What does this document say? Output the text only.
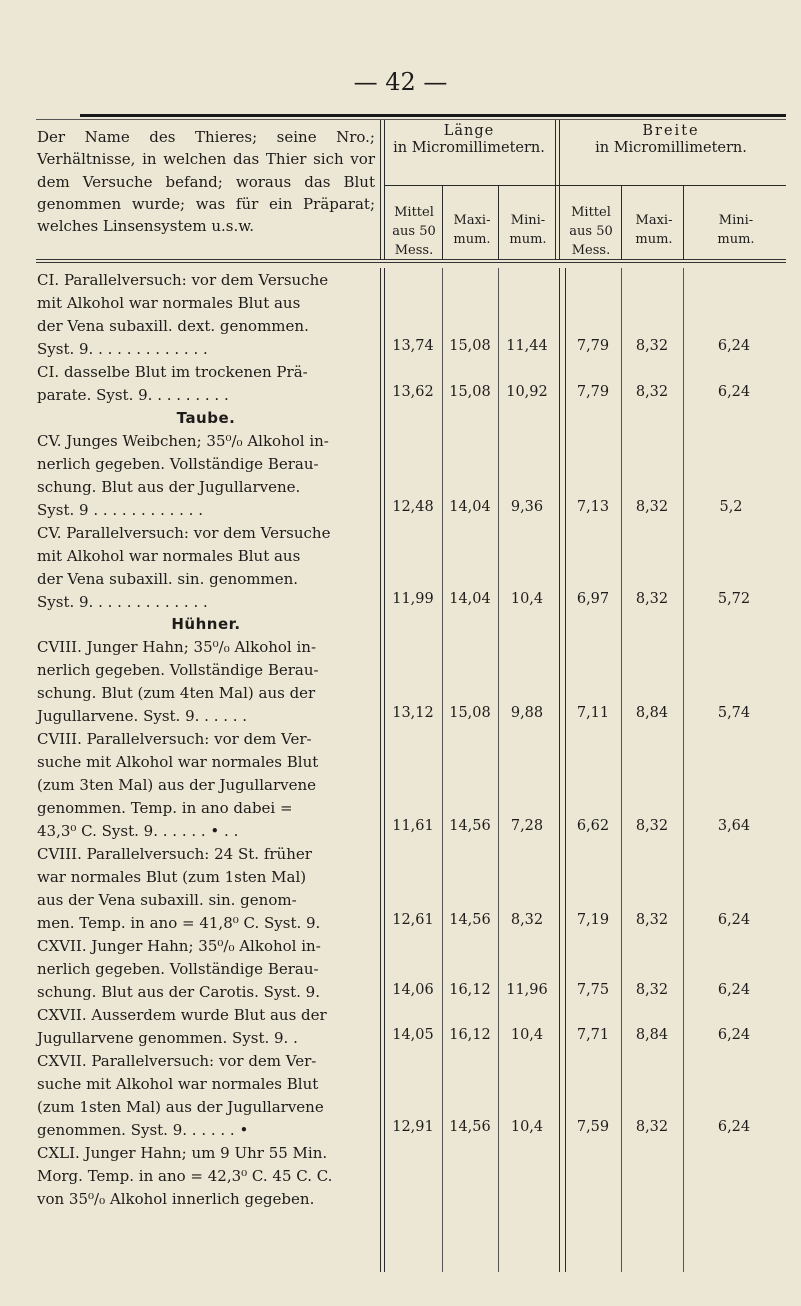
— 42 —
Der Name des Thieres; seine Nro.; Verhältnisse, in welchen das Thier sich vor dem Versuche befand; woraus das Blut genommen wurde; was für ein Präparat; welches Linsensystem u.s.w.
Länge
in Micromillimetern.
Breite
in Micromillimetern.
Mittel
aus 50
Mess.
Maxi-
mum.
Mini-
mum.
Mittel
aus 50
Mess.
Maxi-
mum.
Mini-
mum.
CI. Parallelversuch: vor dem Versuche
mit Alkohol war normales Blut aus
der Vena subaxill. dext. genommen.
Syst. 9. . . . . . . . . . . . .	13,74	15,08	11,44	7,79	8,32	6,24
CI. dasselbe Blut im trockenen Prä-
parate. Syst. 9. . . . . . . . .	13,62	15,08	10,92	7,79	8,32	6,24
Taube.
CV. Junges Weibchen; 35⁰/₀ Alkohol in-
nerlich gegeben. Vollständige Berau-
schung. Blut aus der Jugullarvene.
Syst. 9 . . . . . . . . . . . .	12,48	14,04	9,36	7,13	8,32	5,2
CV. Parallelversuch: vor dem Versuche
mit Alkohol war normales Blut aus
der Vena subaxill. sin. genommen.
Syst. 9. . . . . . . . . . . . .	11,99	14,04	10,4	6,97	8,32	5,72
Hühner.
CVIII. Junger Hahn; 35⁰/₀ Alkohol in-
nerlich gegeben. Vollständige Berau-
schung. Blut (zum 4ten Mal) aus der
Jugullarvene. Syst. 9. . . . . .	13,12	15,08	9,88	7,11	8,84	5,74
CVIII. Parallelversuch: vor dem Ver-
suche mit Alkohol war normales Blut
(zum 3ten Mal) aus der Jugullarvene
genommen. Temp. in ano dabei =
43,3⁰ C. Syst. 9. . . . . . • . .	11,61	14,56	7,28	6,62	8,32	3,64
CVIII. Parallelversuch: 24 St. früher
war normales Blut (zum 1sten Mal)
aus der Vena subaxill. sin. genom-
men. Temp. in ano = 41,8⁰ C. Syst. 9.	12,61	14,56	8,32	7,19	8,32	6,24
CXVII. Junger Hahn; 35⁰/₀ Alkohol in-
nerlich gegeben. Vollständige Berau-
schung. Blut aus der Carotis. Syst. 9.	14,06	16,12	11,96	7,75	8,32	6,24
CXVII. Ausserdem wurde Blut aus der
Jugullarvene genommen. Syst. 9. .	14,05	16,12	10,4	7,71	8,84	6,24
CXVII. Parallelversuch: vor dem Ver-
suche mit Alkohol war normales Blut
(zum 1sten Mal) aus der Jugullarvene
genommen. Syst. 9. . . . . . •	12,91	14,56	10,4	7,59	8,32	6,24
CXLI. Junger Hahn; um 9 Uhr 55 Min.
Morg. Temp. in ano = 42,3⁰ C. 45 C. C.
von 35⁰/₀ Alkohol innerlich gegeben.
